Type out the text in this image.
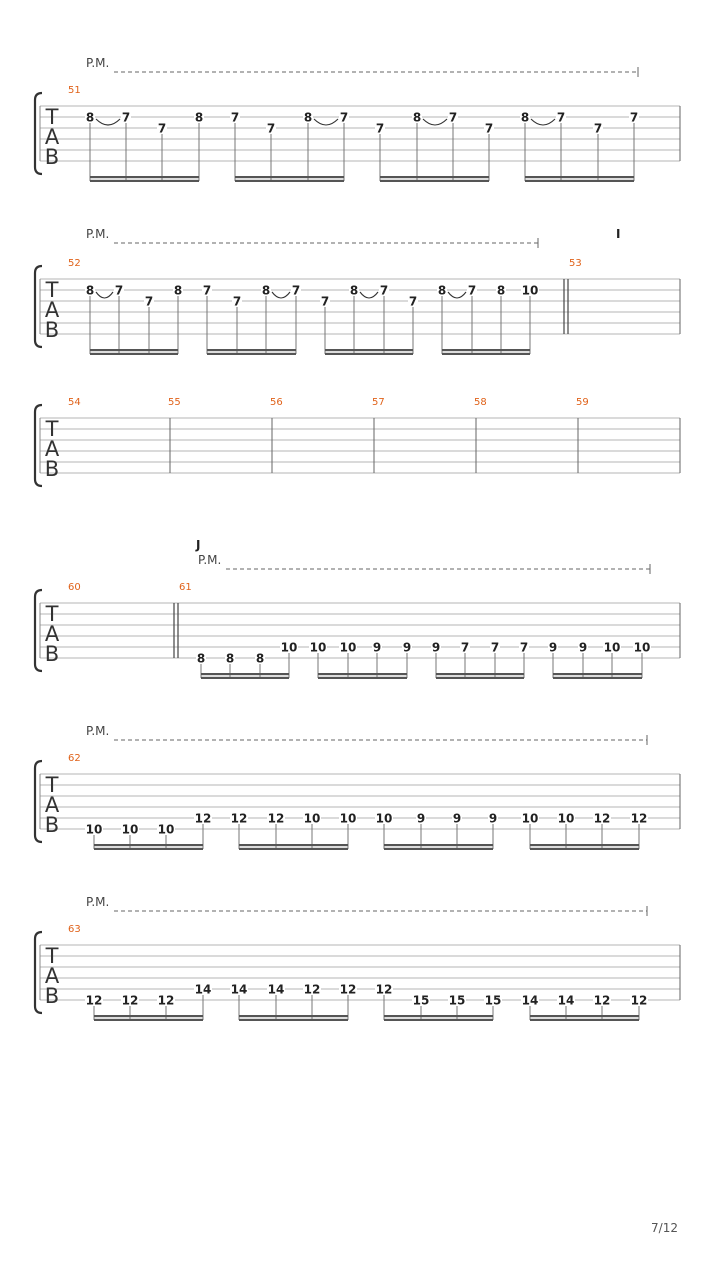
T
A
B
P.M.
51
8 7
7
8 7
7
8 7
7
8 7
7
8 7
7
7
T
A
B
P.M.	I
52
8 7
7
8 7
7
8 7
7
8 7
7
8 7 8 10
53
T
A
B
54	55	56	57	58	59
T
A
B
P.M.
J
60	61
8 8 8
10 10 10 9 9 9 7 7 7 9 9 10 10
T
A
B
P.M.
62
10 10 10
12 12 12 10 10 10 9 9 9 10 10 12 12
T
A
B
P.M.
63
12 12 12
14 14 14 12 12 12
15 15 15 14 14 12 12
7/12
